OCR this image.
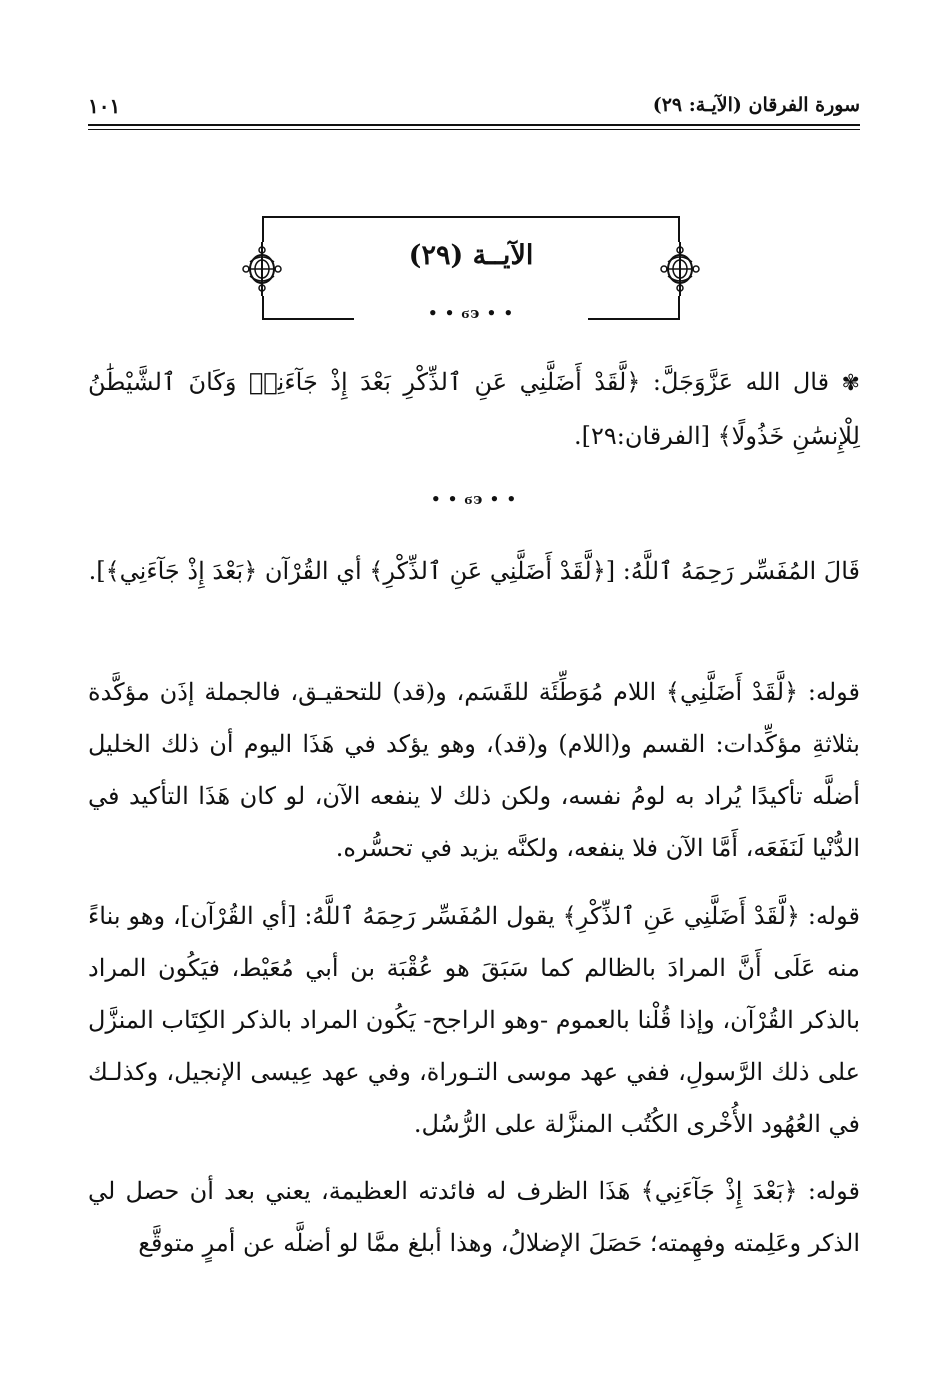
سورة الفرقان (الآيـة: ٢٩)
١٠١
الآيــة (٢٩)
• • ϭ϶ • •
✾ قال الله عَزَّوَجَلَّ: ﴿لَّقَدْ أَضَلَّنِي عَنِ ٱلذِّكْرِ بَعْدَ إِذْ جَآءَنِيۗ وَكَانَ ٱلشَّيْطَٰنُ لِلْإِنسَٰنِ خَذُولًا﴾ [الفرقان:٢٩].
• • ϭ϶ • •
قَالَ المُفَسِّر رَحِمَهُ ٱللَّهُ: [﴿لَّقَدْ أَضَلَّنِي عَنِ ٱلذِّكْرِ﴾ أي القُرْآن ﴿بَعْدَ إِذْ جَآءَنِي﴾].
قوله: ﴿لَّقَدْ أَضَلَّنِي﴾ اللام مُوَطِّئَة للقَسَم، و(قد) للتحقيـق، فالجملة إذَن مؤكَّدة بثلاثةِ مؤكِّدات: القسم و(اللام) و(قد)، وهو يؤكد في هَذَا اليوم أن ذلك الخليل أضلَّه تأكيدًا يُراد به لومُ نفسه، ولكن ذلك لا ينفعه الآن، لو كان هَذَا التأكيد في الدُّنْيا لَنَفَعَه، أَمَّا الآن فلا ينفعه، ولكنَّه يزيد في تحسُّره.
قوله: ﴿لَّقَدْ أَضَلَّنِي عَنِ ٱلذِّكْرِ﴾ يقول المُفَسِّر رَحِمَهُ ٱللَّهُ: [أي القُرْآن]، وهو بناءً منه عَلَى أَنَّ المرادَ بالظالم كما سَبَقَ هو عُقْبَة بن أبي مُعَيْط، فيَكُون المراد بالذكر القُرْآن، وإذا قُلْنا بالعموم -وهو الراجح- يَكُون المراد بالذكر الكِتَاب المنزَّل على ذلك الرَّسولِ، ففي عهد موسى التـوراة، وفي عهد عِيسى الإنجيل، وكذلـك في العُهُود الأُخْرى الكُتُب المنزَّلة على الرُّسُل.
قوله: ﴿بَعْدَ إِذْ جَآءَنِي﴾ هَذَا الظرف له فائدته العظيمة، يعني بعد أن حصل لي الذكر وعَلِمته وفهِمته؛ حَصَلَ الإضلالُ، وهذا أبلغ ممَّا لو أضلَّه عن أمرٍ متوقَّع
